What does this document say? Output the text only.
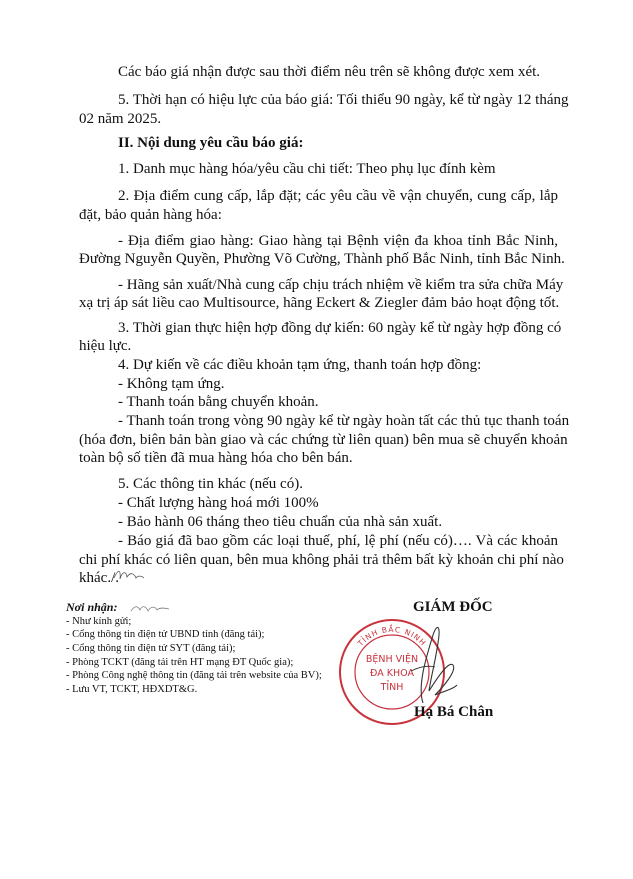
Các báo giá nhận được sau thời điểm nêu trên sẽ không được xem xét.
5. Thời hạn có hiệu lực của báo giá: Tối thiểu 90 ngày, kể từ ngày 12 tháng
02 năm 2025.
II. Nội dung yêu cầu báo giá:
1. Danh mục hàng hóa/yêu cầu chi tiết: Theo phụ lục đính kèm
2. Địa điểm cung cấp, lắp đặt; các yêu cầu về vận chuyển, cung cấp, lắp
đặt, bảo quản hàng hóa:
- Địa điểm giao hàng: Giao hàng tại Bệnh viện đa khoa tỉnh Bắc Ninh,
Đường Nguyễn Quyền, Phường Võ Cường, Thành phố Bắc Ninh, tỉnh Bắc Ninh.
- Hãng sản xuất/Nhà cung cấp chịu trách nhiệm về kiểm tra sửa chữa Máy
xạ trị áp sát liều cao Multisource, hãng Eckert & Ziegler đảm bảo hoạt động tốt.
3. Thời gian thực hiện hợp đồng dự kiến: 60 ngày kể từ ngày hợp đồng có
hiệu lực.
4. Dự kiến về các điều khoản tạm ứng, thanh toán hợp đồng:
- Không tạm ứng.
- Thanh toán bằng chuyển khoản.
- Thanh toán trong vòng 90 ngày kể từ ngày hoàn tất các thủ tục thanh toán
(hóa đơn, biên bản bàn giao và các chứng từ liên quan) bên mua sẽ chuyển khoản
toàn bộ số tiền đã mua hàng hóa cho bên bán.
5. Các thông tin khác (nếu có).
- Chất lượng hàng hoá mới 100%
- Bảo hành 06 tháng theo tiêu chuẩn của nhà sản xuất.
- Báo giá đã bao gồm các loại thuế, phí, lệ phí (nếu có)…. Và các khoản
chi phí khác có liên quan, bên mua không phải trả thêm bất kỳ khoản chi phí nào
khác./.
Nơi nhận:
- Như kính gửi;
- Cổng thông tin điện tử UBND tỉnh (đăng tải);
- Cổng thông tin điện tử SYT (đăng tải);
- Phòng TCKT (đăng tải trên HT mạng ĐT Quốc gia);
- Phòng Công nghệ thông tin (đăng tải trên website của BV);
- Lưu VT, TCKT, HĐXDT&G.
GIÁM ĐỐC
TỈNH BẮC NINH
BỆNH VIỆN
ĐA KHOA
TỈNH
Hạ Bá Chân
